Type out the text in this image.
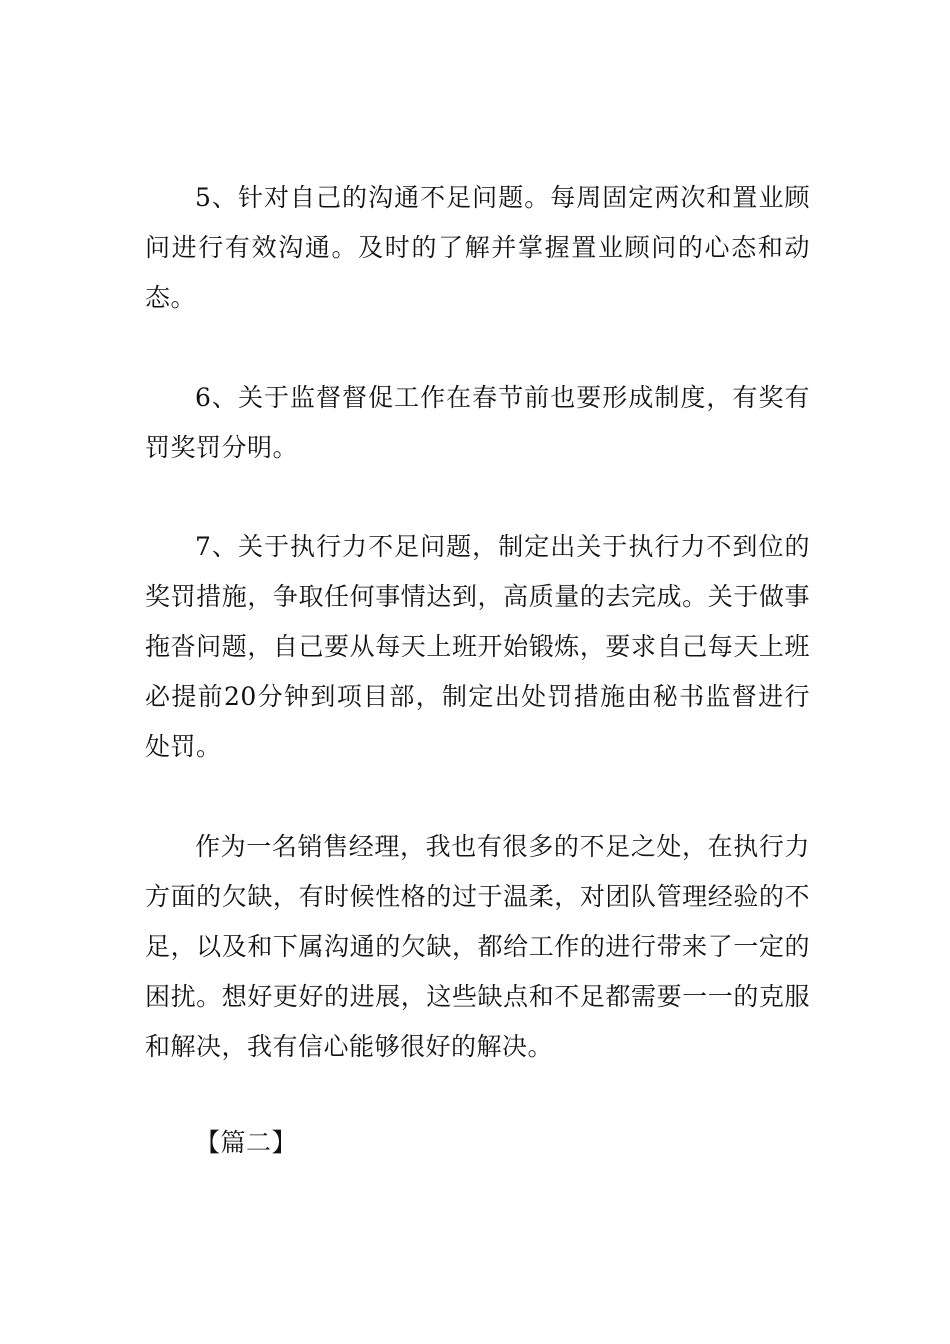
5、针对自己的沟通不足问题。每周固定两次和置业顾问进行有效沟通。及时的了解并掌握置业顾问的心态和动态。

6、关于监督督促工作在春节前也要形成制度，有奖有罚奖罚分明。

7、关于执行力不足问题，制定出关于执行力不到位的奖罚措施，争取任何事情达到，高质量的去完成。关于做事拖沓问题，自己要从每天上班开始锻炼，要求自己每天上班必提前20分钟到项目部，制定出处罚措施由秘书监督进行处罚。

作为一名销售经理，我也有很多的不足之处，在执行力方面的欠缺，有时候性格的过于温柔，对团队管理经验的不足，以及和下属沟通的欠缺，都给工作的进行带来了一定的困扰。想好更好的进展，这些缺点和不足都需要一一的克服和解决，我有信心能够很好的解决。

【篇二】
